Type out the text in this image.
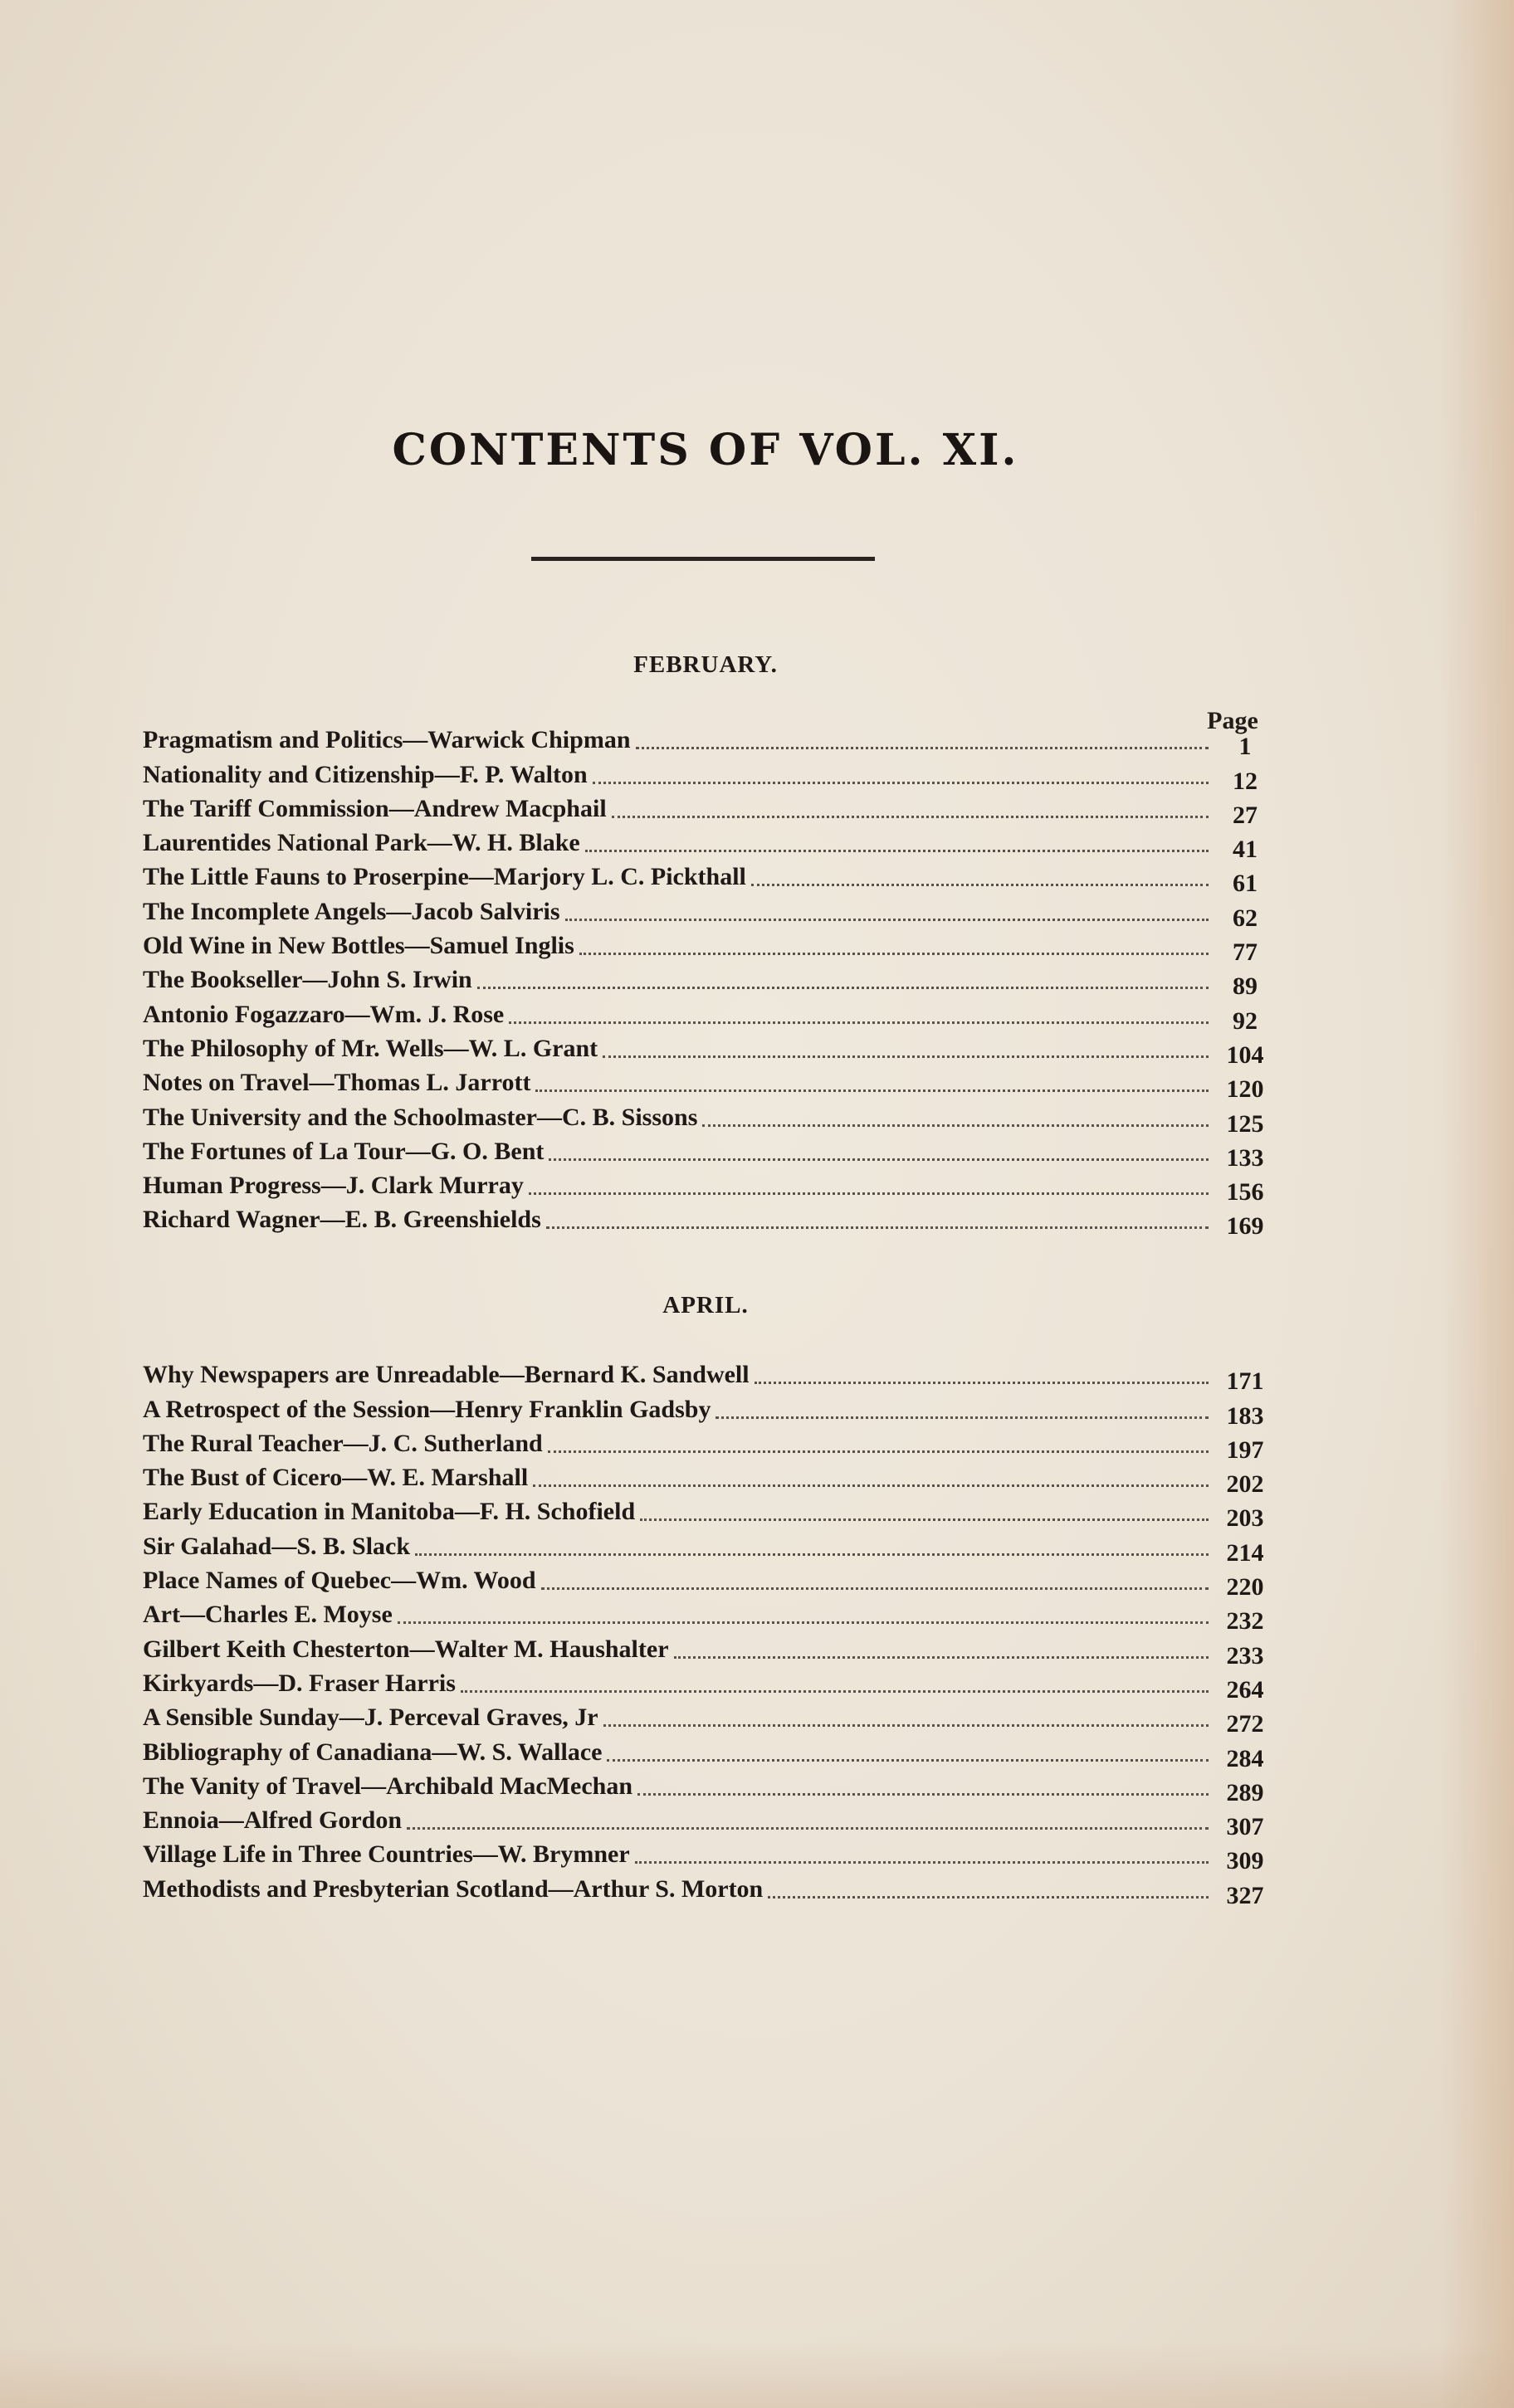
CONTENTS OF VOL. XI.
FEBRUARY.
Page
Pragmatism and Politics—Warwick Chipman	1
Nationality and Citizenship—F. P. Walton	12
The Tariff Commission—Andrew Macphail	27
Laurentides National Park—W. H. Blake	41
The Little Fauns to Proserpine—Marjory L. C. Pickthall	61
The Incomplete Angels—Jacob Salviris	62
Old Wine in New Bottles—Samuel Inglis	77
The Bookseller—John S. Irwin	89
Antonio Fogazzaro—Wm. J. Rose	92
The Philosophy of Mr. Wells—W. L. Grant	104
Notes on Travel—Thomas L. Jarrott	120
The University and the Schoolmaster—C. B. Sissons	125
The Fortunes of La Tour—G. O. Bent	133
Human Progress—J. Clark Murray	156
Richard Wagner—E. B. Greenshields	169
APRIL.
Why Newspapers are Unreadable—Bernard K. Sandwell	171
A Retrospect of the Session—Henry Franklin Gadsby	183
The Rural Teacher—J. C. Sutherland	197
The Bust of Cicero—W. E. Marshall	202
Early Education in Manitoba—F. H. Schofield	203
Sir Galahad—S. B. Slack	214
Place Names of Quebec—Wm. Wood	220
Art—Charles E. Moyse	232
Gilbert Keith Chesterton—Walter M. Haushalter	233
Kirkyards—D. Fraser Harris	264
A Sensible Sunday—J. Perceval Graves, Jr	272
Bibliography of Canadiana—W. S. Wallace	284
The Vanity of Travel—Archibald MacMechan	289
Ennoia—Alfred Gordon	307
Village Life in Three Countries—W. Brymner	309
Methodists and Presbyterian Scotland—Arthur S. Morton	327
